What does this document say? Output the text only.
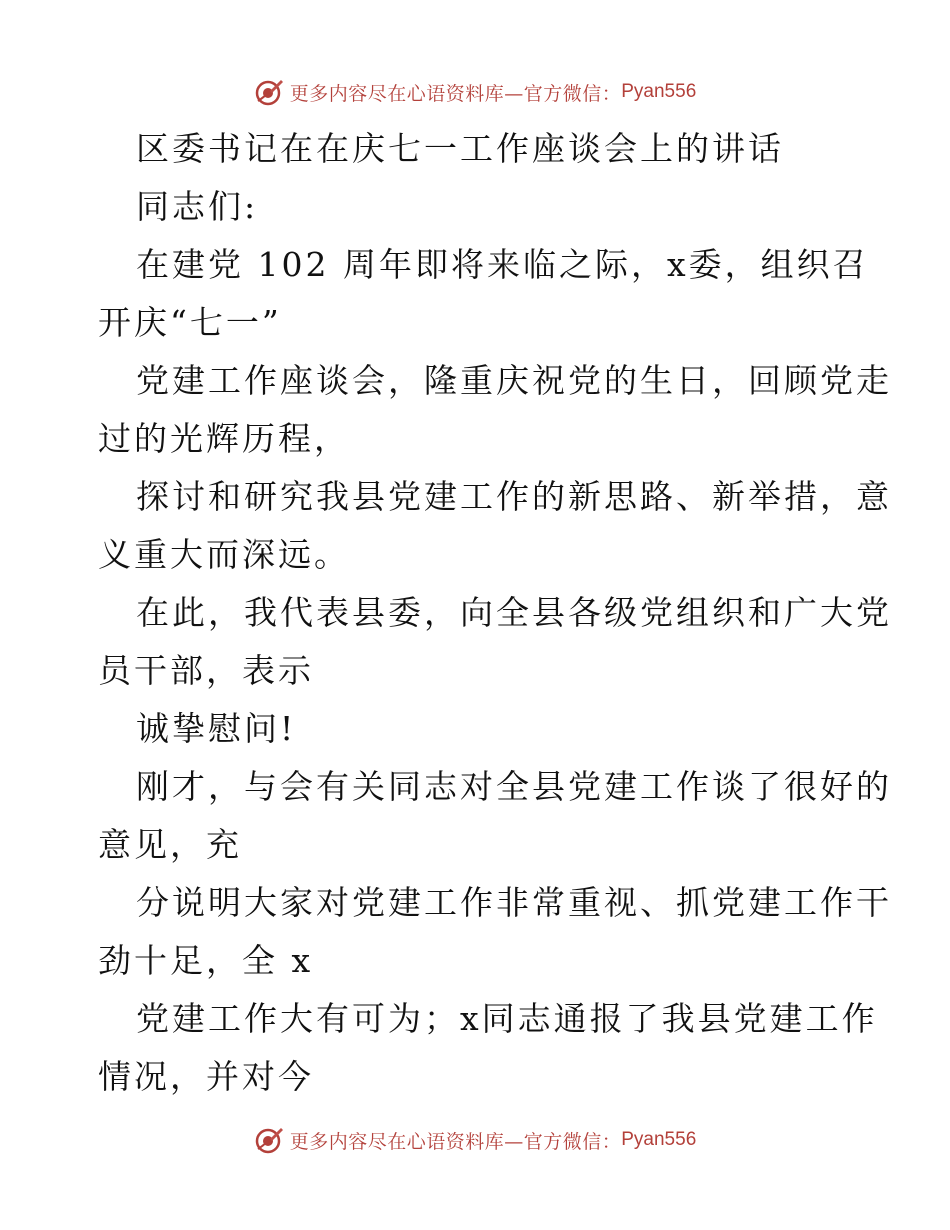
更多内容尽在心语资料库—官方微信： Pyan556
区委书记在在庆七一工作座谈会上的讲话
同志们:
在建党 102 周年即将来临之际，x委，组织召
开庆“七一”
党建工作座谈会，隆重庆祝党的生日，回顾党走
过的光辉历程，
探讨和研究我县党建工作的新思路、新举措，意
义重大而深远。
在此，我代表县委，向全县各级党组织和广大党
员干部，表示
诚挚慰问!
刚才，与会有关同志对全县党建工作谈了很好的
意见，充
分说明大家对党建工作非常重视、抓党建工作干
劲十足，全 x
党建工作大有可为；x同志通报了我县党建工作
情况，并对今
更多内容尽在心语资料库—官方微信： Pyan556
